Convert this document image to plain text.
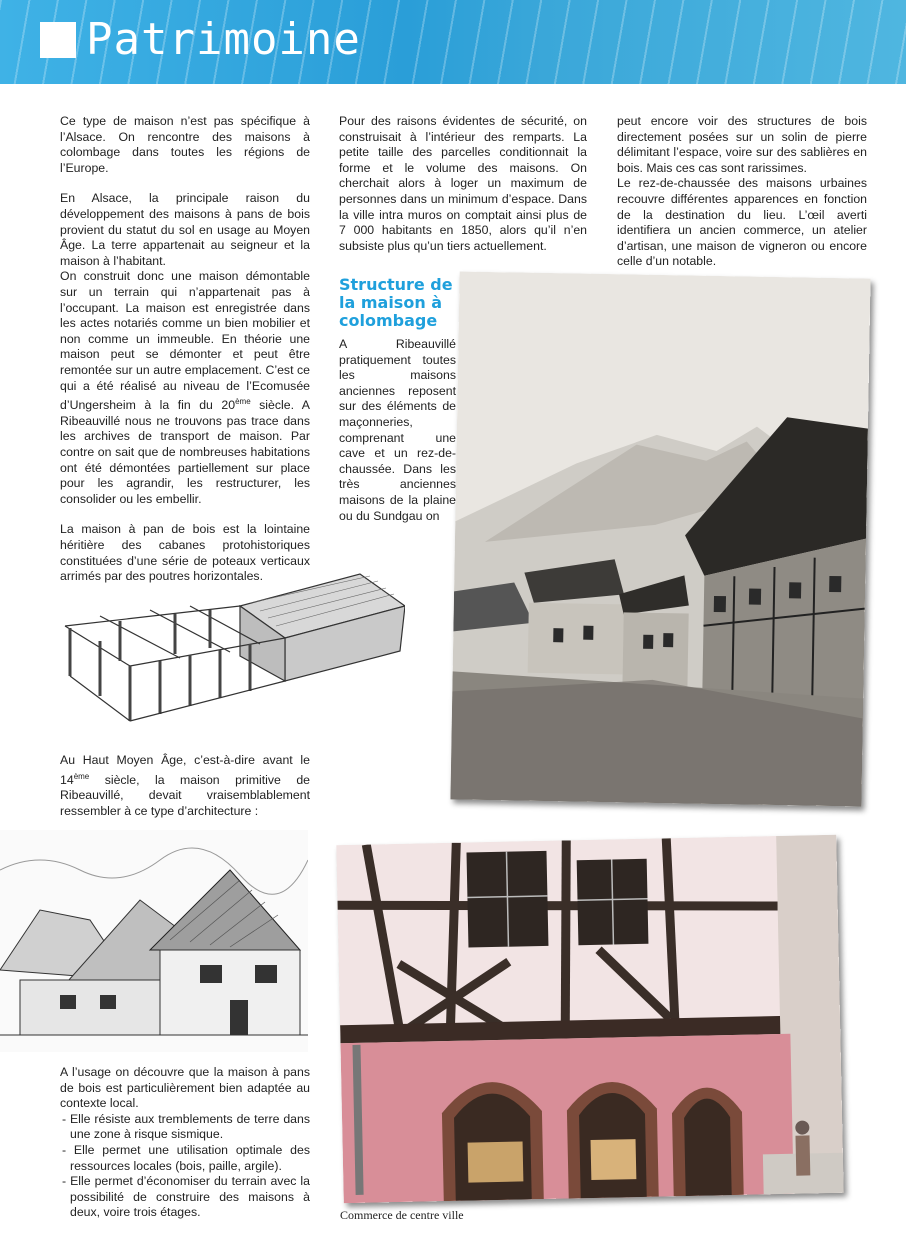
Patrimoine

Ce type de maison n’est pas spécifique à l’Alsace. On rencontre des maisons à colombage dans toutes les régions de l’Europe.

En Alsace, la principale raison du développement des maisons à pans de bois provient du statut du sol en usage au Moyen Âge. La terre appartenait au seigneur et la maison à l’habitant.

On construit donc une maison démontable sur un terrain qui n’appartenait pas à l’occupant. La maison est enregistrée dans les actes notariés comme un bien mobilier et non comme un immeuble. En théorie une maison peut se démonter et peut être remontée sur un autre emplacement. C’est ce qui a été réalisé au niveau de l’Ecomusée d’Ungersheim à la fin du 20ème siècle. A Ribeauvillé nous ne trouvons pas trace dans les archives de transport de maison. Par contre on sait que de nombreuses habitations ont été démontées partiellement sur place pour les agrandir, les restructurer, les consolider ou les embellir.

La maison à pan de bois est la lointaine héritière des cabanes protohistoriques constituées d’une série de poteaux verticaux arrimés par des poutres horizontales.

Pour des raisons évidentes de sécurité, on construisait à l’intérieur des remparts. La petite taille des parcelles conditionnait la forme et le volume des maisons. On cherchait alors à loger un maximum de personnes dans un minimum d’espace. Dans la ville intra muros on comptait ainsi plus de 7 000 habitants en 1850, alors qu’il n’en subsiste plus qu’un tiers actuellement.

Structure de la maison à colombage

A Ribeauvillé pratiquement toutes les maisons anciennes reposent sur des éléments de maçonneries, comprenant une cave et un rez-de-chaussée. Dans les très anciennes maisons de la plaine ou du Sundgau on

peut encore voir des structures de bois directement posées sur un solin de pierre délimitant l’espace, voire sur des sablières en bois. Mais ces cas sont rarissimes.

Le rez-de-chaussée des maisons urbaines recouvre différentes apparences en fonction de la destination du lieu. L’œil averti identifiera un ancien commerce, un atelier d’artisan, une maison de vigneron ou encore celle d’un notable.

Au Haut Moyen Âge, c’est-à-dire avant le 14ème siècle, la maison primitive de Ribeauvillé, devait vraisemblablement ressembler à ce type d’architecture :

A l’usage on découvre que la maison à pans de bois est particulièrement bien adaptée au contexte local.

- Elle résiste aux tremblements de terre dans une zone à risque sismique.
- Elle permet une utilisation optimale des ressources locales (bois, paille, argile).
- Elle permet d’économiser du terrain avec la possibilité de construire des maisons à deux, voire trois étages.	Commerce de centre ville
